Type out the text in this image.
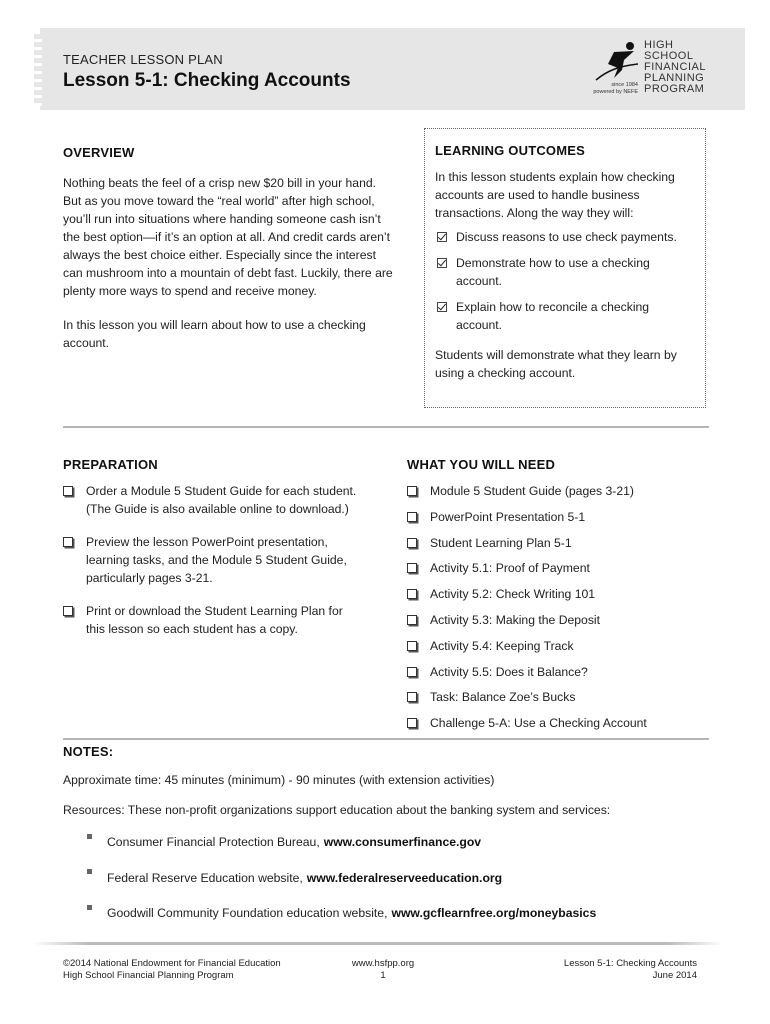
TEACHER LESSON PLAN
Lesson 5-1: Checking Accounts	since 1984
powered by NEFE
HIGH
SCHOOL
FINANCIAL
PLANNING
PROGRAM
OVERVIEW
Nothing beats the feel of a crisp new $20 bill in your hand. But as you move toward the “real world” after high school, you’ll run into situations where handing someone cash isn’t the best option—if it’s an option at all. And credit cards aren’t always the best choice either. Especially since the interest can mushroom into a mountain of debt fast. Luckily, there are plenty more ways to spend and receive money.
In this lesson you will learn about how to use a checking account.
LEARNING OUTCOMES
In this lesson students explain how checking accounts are used to handle business transactions. Along the way they will:
Discuss reasons to use check payments.
Demonstrate how to use a checking account.
Explain how to reconcile a checking account.
Students will demonstrate what they learn by using a checking account.
PREPARATION
Order a Module 5 Student Guide for each student. (The Guide is also available online to download.)
Preview the lesson PowerPoint presentation, learning tasks, and the Module 5 Student Guide, particularly pages 3-21.
Print or download the Student Learning Plan for this lesson so each student has a copy.
WHAT YOU WILL NEED
Module 5 Student Guide (pages 3-21)
PowerPoint Presentation 5-1
Student Learning Plan 5-1
Activity 5.1: Proof of Payment
Activity 5.2: Check Writing 101
Activity 5.3: Making the Deposit
Activity 5.4: Keeping Track
Activity 5.5: Does it Balance?
Task: Balance Zoe’s Bucks
Challenge 5-A: Use a Checking Account
NOTES:
Approximate time: 45 minutes (minimum) - 90 minutes (with extension activities)
Resources: These non-profit organizations support education about the banking system and services:
Consumer Financial Protection Bureau, www.consumerfinance.gov
Federal Reserve Education website, www.federalreserveeducation.org
Goodwill Community Foundation education website, www.gcflearnfree.org/moneybasics
©2014 National Endowment for Financial Education
High School Financial Planning Program
www.hsfpp.org
1
Lesson 5-1: Checking Accounts
June 2014
